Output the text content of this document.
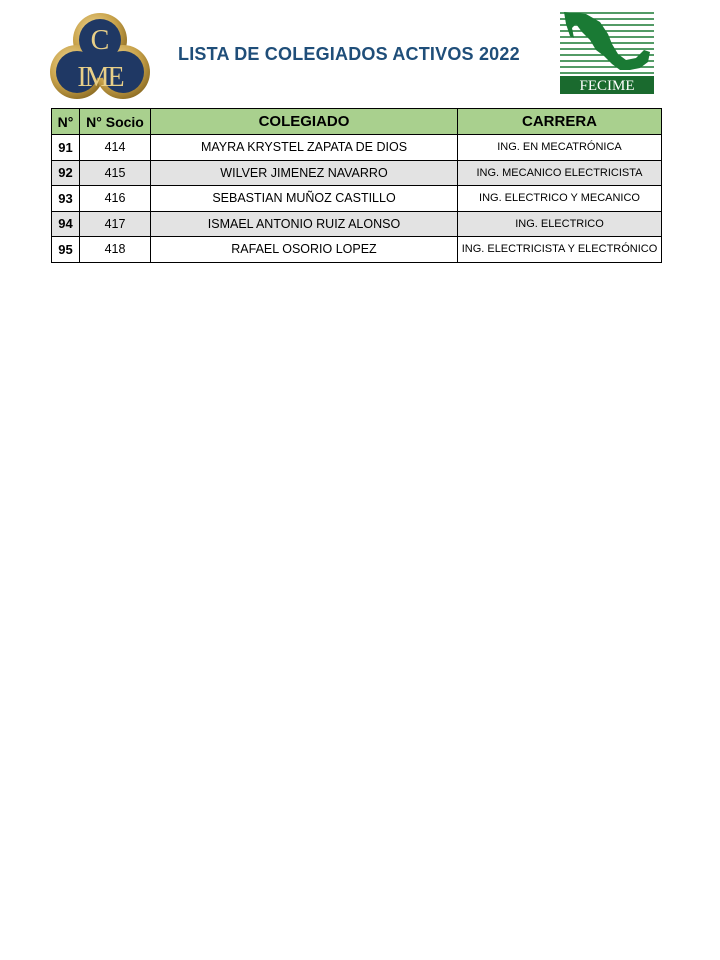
C
IME
LISTA DE COLEGIADOS ACTIVOS 2022
FECIME
N°	N° Socio	COLEGIADO	CARRERA
91	414	MAYRA KRYSTEL ZAPATA DE DIOS	ING. EN MECATRÓNICA
92	415	WILVER JIMENEZ NAVARRO	ING. MECANICO ELECTRICISTA
93	416	SEBASTIAN MUÑOZ CASTILLO	ING. ELECTRICO Y MECANICO
94	417	ISMAEL ANTONIO RUIZ ALONSO	ING. ELECTRICO
95	418	RAFAEL OSORIO LOPEZ	ING. ELECTRICISTA Y ELECTRÓNICO
